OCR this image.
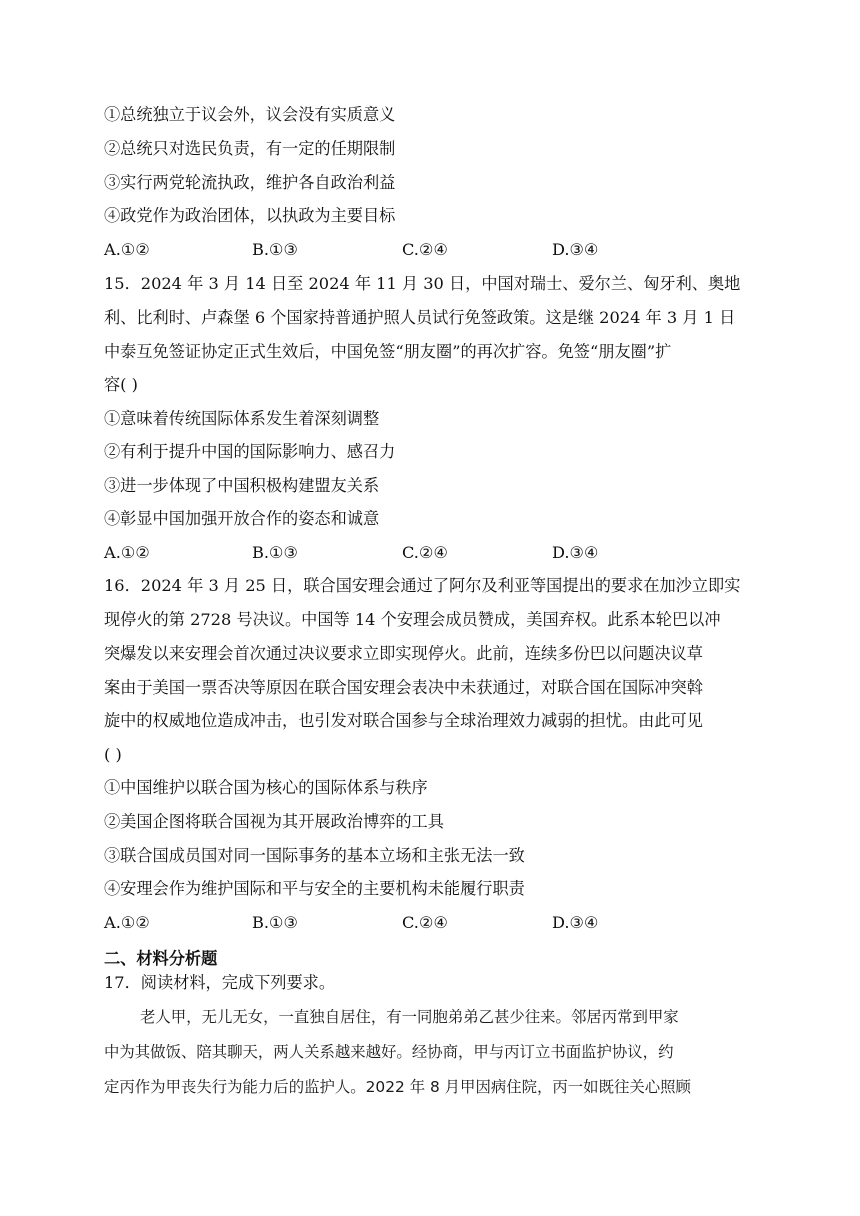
①总统独立于议会外，议会没有实质意义
②总统只对选民负责，有一定的任期限制
③实行两党轮流执政，维护各自政治利益
④政党作为政治团体，以执政为主要目标
A.①②	B.①③	C.②④	D.③④
15．2024 年 3 月 14 日至 2024 年 11 月 30 日，中国对瑞士、爱尔兰、匈牙利、奥地
利、比利时、卢森堡 6 个国家持普通护照人员试行免签政策。这是继 2024 年 3 月 1 日
中泰互免签证协定正式生效后，中国免签“朋友圈”的再次扩容。免签“朋友圈”扩
容( )
①意味着传统国际体系发生着深刻调整
②有利于提升中国的国际影响力、感召力
③进一步体现了中国积极构建盟友关系
④彰显中国加强开放合作的姿态和诚意
A.①②	B.①③	C.②④	D.③④
16．2024 年 3 月 25 日，联合国安理会通过了阿尔及利亚等国提出的要求在加沙立即实
现停火的第 2728 号决议。中国等 14 个安理会成员赞成，美国弃权。此系本轮巴以冲
突爆发以来安理会首次通过决议要求立即实现停火。此前，连续多份巴以问题决议草
案由于美国一票否决等原因在联合国安理会表决中未获通过，对联合国在国际冲突斡
旋中的权威地位造成冲击，也引发对联合国参与全球治理效力减弱的担忧。由此可见
( )
①中国维护以联合国为核心的国际体系与秩序
②美国企图将联合国视为其开展政治博弈的工具
③联合国成员国对同一国际事务的基本立场和主张无法一致
④安理会作为维护国际和平与安全的主要机构未能履行职责
A.①②	B.①③	C.②④	D.③④
二、材料分析题
17．阅读材料，完成下列要求。
老人甲，无儿无女，一直独自居住，有一同胞弟弟乙甚少往来。邻居丙常到甲家
中为其做饭、陪其聊天，两人关系越来越好。经协商，甲与丙订立书面监护协议，约
定丙作为甲丧失行为能力后的监护人。2022 年 8 月甲因病住院，丙一如既往关心照顾
